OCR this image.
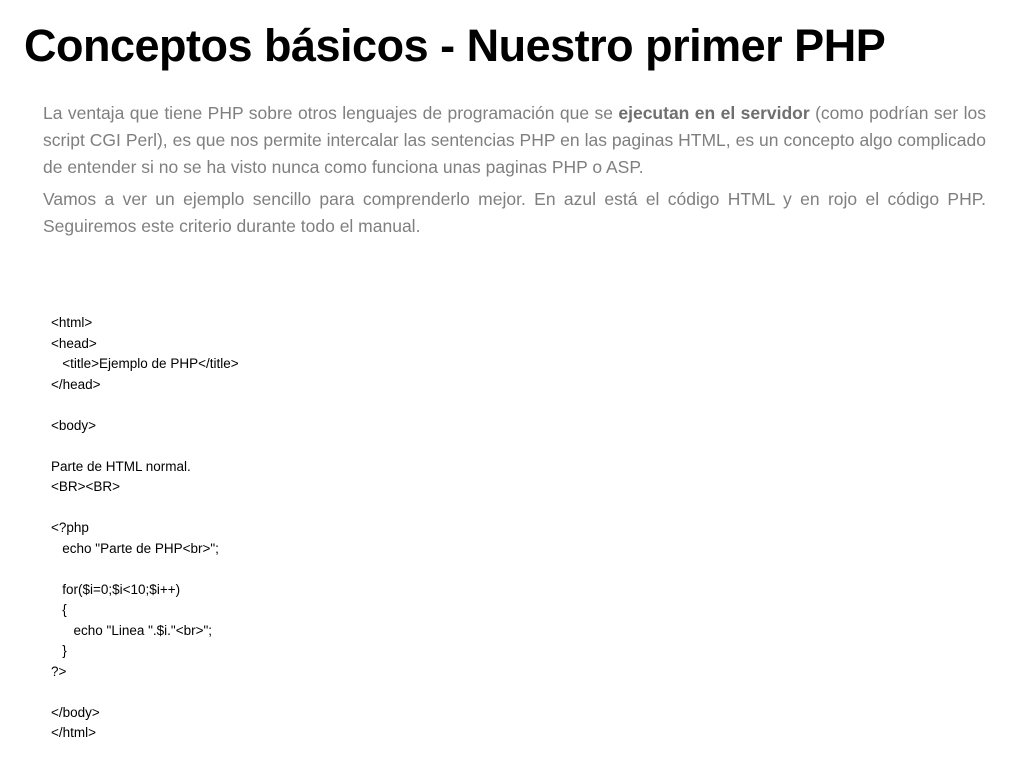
Conceptos básicos - Nuestro primer PHP

La ventaja que tiene PHP sobre otros lenguajes de programación que se ejecutan en el servidor (como podrían ser los script CGI Perl), es que nos permite intercalar las sentencias PHP en las paginas HTML, es un concepto algo complicado de entender si no se ha visto nunca como funciona unas paginas PHP o ASP.

Vamos a ver un ejemplo sencillo para comprenderlo mejor. En azul está el código HTML y en rojo el código PHP. Seguiremos este criterio durante todo el manual.

<html>
<head>
<title>Ejemplo de PHP</title>
</head>
<body>
Parte de HTML normal.
<BR><BR>
<?php
echo "Parte de PHP<br>";
for($i=0;$i<10;$i++)
{
echo "Linea ".$i."<br>";
}
?>
</body>
</html>
